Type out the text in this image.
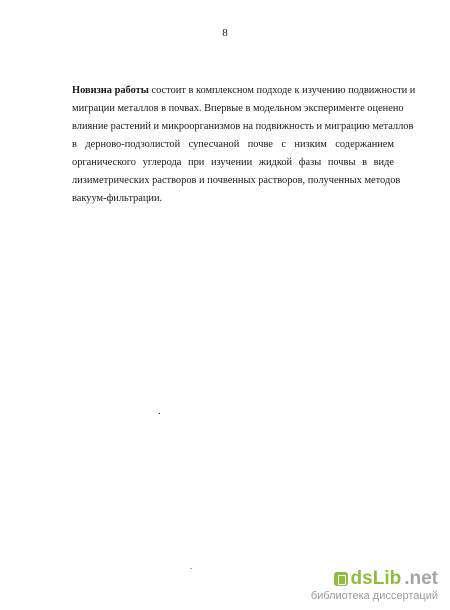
8
Новизна работы состоит в комплексном подходе к изучению подвижности и
миграции металлов в почвах. Впервые в модельном эксперименте оценено
влияние растений и микроорганизмов на подвижность и миграцию металлов
в дерново-подзолистой супесчаной почве с низким содержанием
органического углерода при изучении жидкой фазы почвы в виде
лизиметрических растворов и почвенных растворов, полученных методов
вакуум-фильтрации.
.
.
dsLib .net
библиотека диссертаций
